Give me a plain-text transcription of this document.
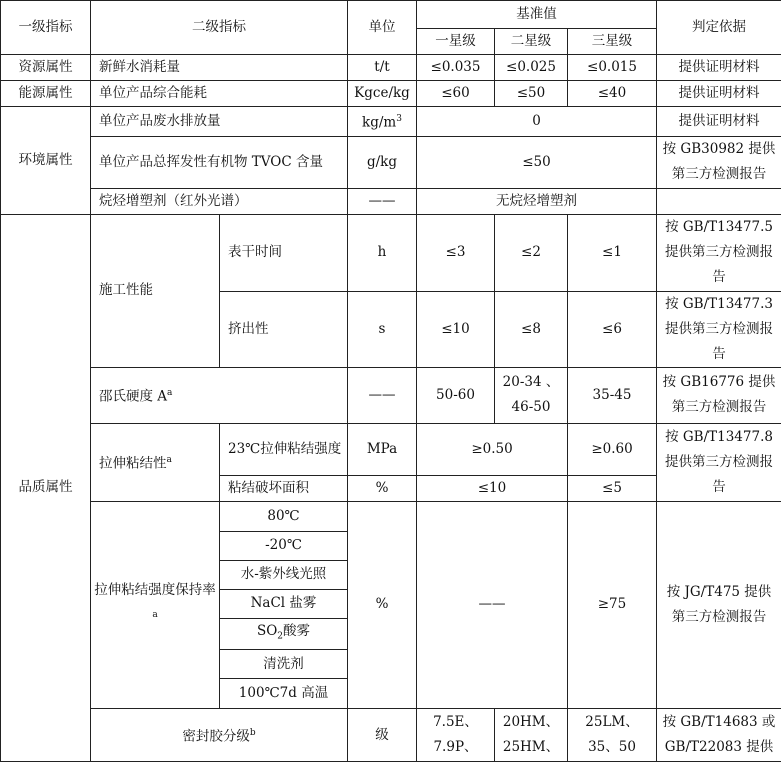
一级指标	二级指标		单位	基准值			判定依据
				一星级	二星级	三星级	
资源属性	新鲜水消耗量		t/t	≤0.035	≤0.025	≤0.015	提供证明材料
能源属性	单位产品综合能耗		Kgce/kg	≤60	≤50	≤40	提供证明材料
环境属性	单位产品废水排放量		$kg/m^3$	0			提供证明材料
	单位产品总挥发性有机物 TVOC 含量		g/kg	≤50			按 GB30982 提供第三方检测报告
	烷烃增塑剂（红外光谱）		——	无烷烃增塑剂			
品质属性	施工性能	表干时间	h	≤3	≤2	≤1	按 GB/T13477.5 提供第三方检测报告
		挤出性	s	≤10	≤8	≤6	按 GB/T13477.3 提供第三方检测报告
	邵氏硬度 $A^a$		——	50-60	20-34 、46-50	35-45	按 GB16776 提供第三方检测报告
	拉伸粘结性$^a$	23℃拉伸粘结强度	MPa	≥0.50		≥0.60	按 GB/T13477.8 提供第三方检测报告
		粘结破坏面积	%	≤10		≤5	
	拉伸粘结强度保持率$^a$	80℃	%	——		≥75	按 JG/T475 提供第三方检测报告
		-20℃					
		水-紫外线光照					
		NaCl 盐雾					
		$SO_2$酸雾					
		清洗剂					
		100℃7d 高温					
	密封胶分级$^b$		级	7.5E、7.9P、	20HM、25HM、	25LM、35、50	按 GB/T14683 或 GB/T22083 提供
